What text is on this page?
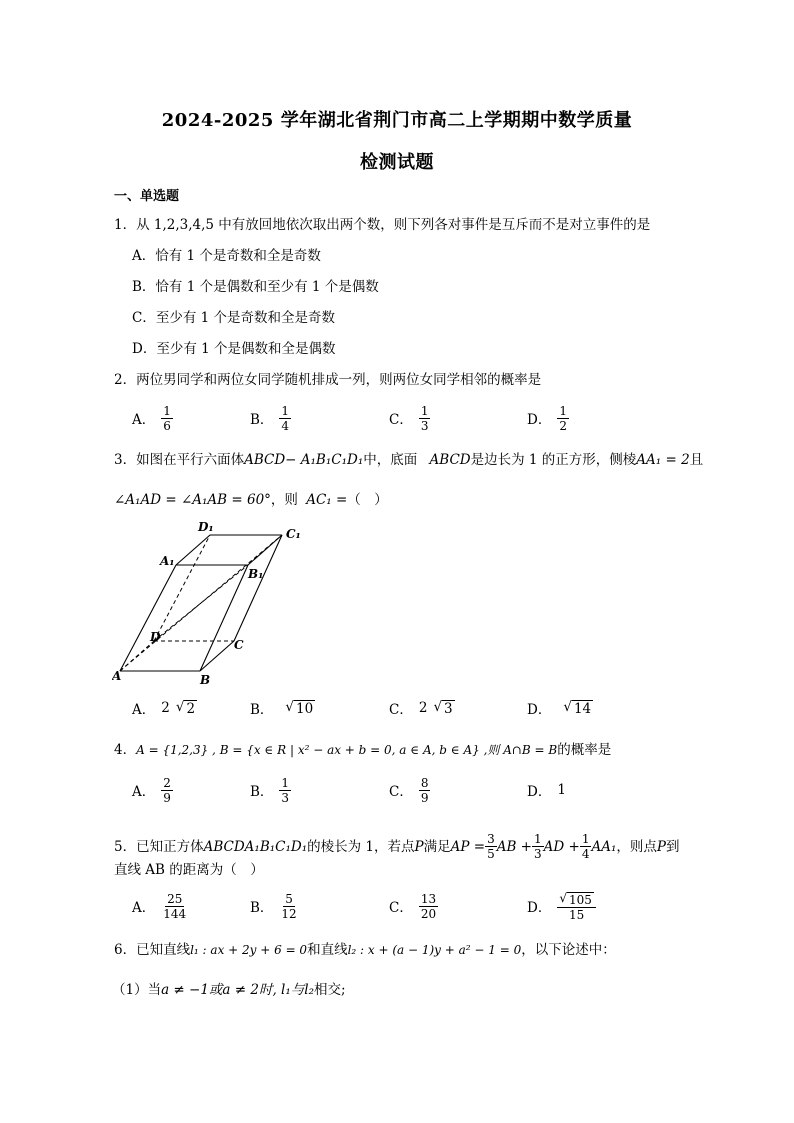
2024-2025 学年湖北省荆门市高二上学期期中数学质量
检测试题
一、单选题
1．从 1,2,3,4,5 中有放回地依次取出两个数，则下列各对事件是互斥而不是对立事件的是
A．恰有 1 个是奇数和全是奇数
B．恰有 1 个是偶数和至少有 1 个是偶数
C．至少有 1 个是奇数和全是奇数
D．至少有 1 个是偶数和全是偶数
2．两位男同学和两位女同学随机排成一列，则两位女同学相邻的概率是
A． $\frac{1}{6}$	B． $\frac{1}{4}$	C． $\frac{1}{3}$	D． $\frac{1}{2}$
3．如图在平行六面体ABCD− A₁B₁C₁D₁中，底面 ABCD是边长为 1 的正方形，侧棱AA₁ = 2且
∠A₁AD = ∠A₁AB = 60°，则 AC₁ =（　）
A	B
C
D
A₁
B₁
C₁
D₁
A． 2 √ 2	B． √ 10	C． 2 √ 3	D． √ 14
4．A = {1,2,3} , B = {x ∈ R | x² − ax + b = 0, a ∈ A, b ∈ A} ,则 A∩B = B的概率是
A． $\frac{2}{9}$	B． $\frac{1}{3}$	C． $\frac{8}{9}$	D． 1
5．已知正方体 ABCDA₁B₁C₁D₁ 的棱长为 1，若点 P 满足 AP = $\frac{3}{5}$ AB + $\frac{1}{3}$ AD + $\frac{1}{4} AA_1$ ，则点 P 到
直线 AB 的距离为（　）
A． $\frac{25}{144}$	B． $\frac{5}{12}$	C． $\frac{13}{20}$	D． $\frac{√ 105}{15}$
6．已知直线l₁ : ax + 2y + 6 = 0和直线l₂ : x + (a − 1)y + a² − 1 = 0，以下论述中：
（1）当a ≠ −1或a ≠ 2时, l₁与l₂相交;
